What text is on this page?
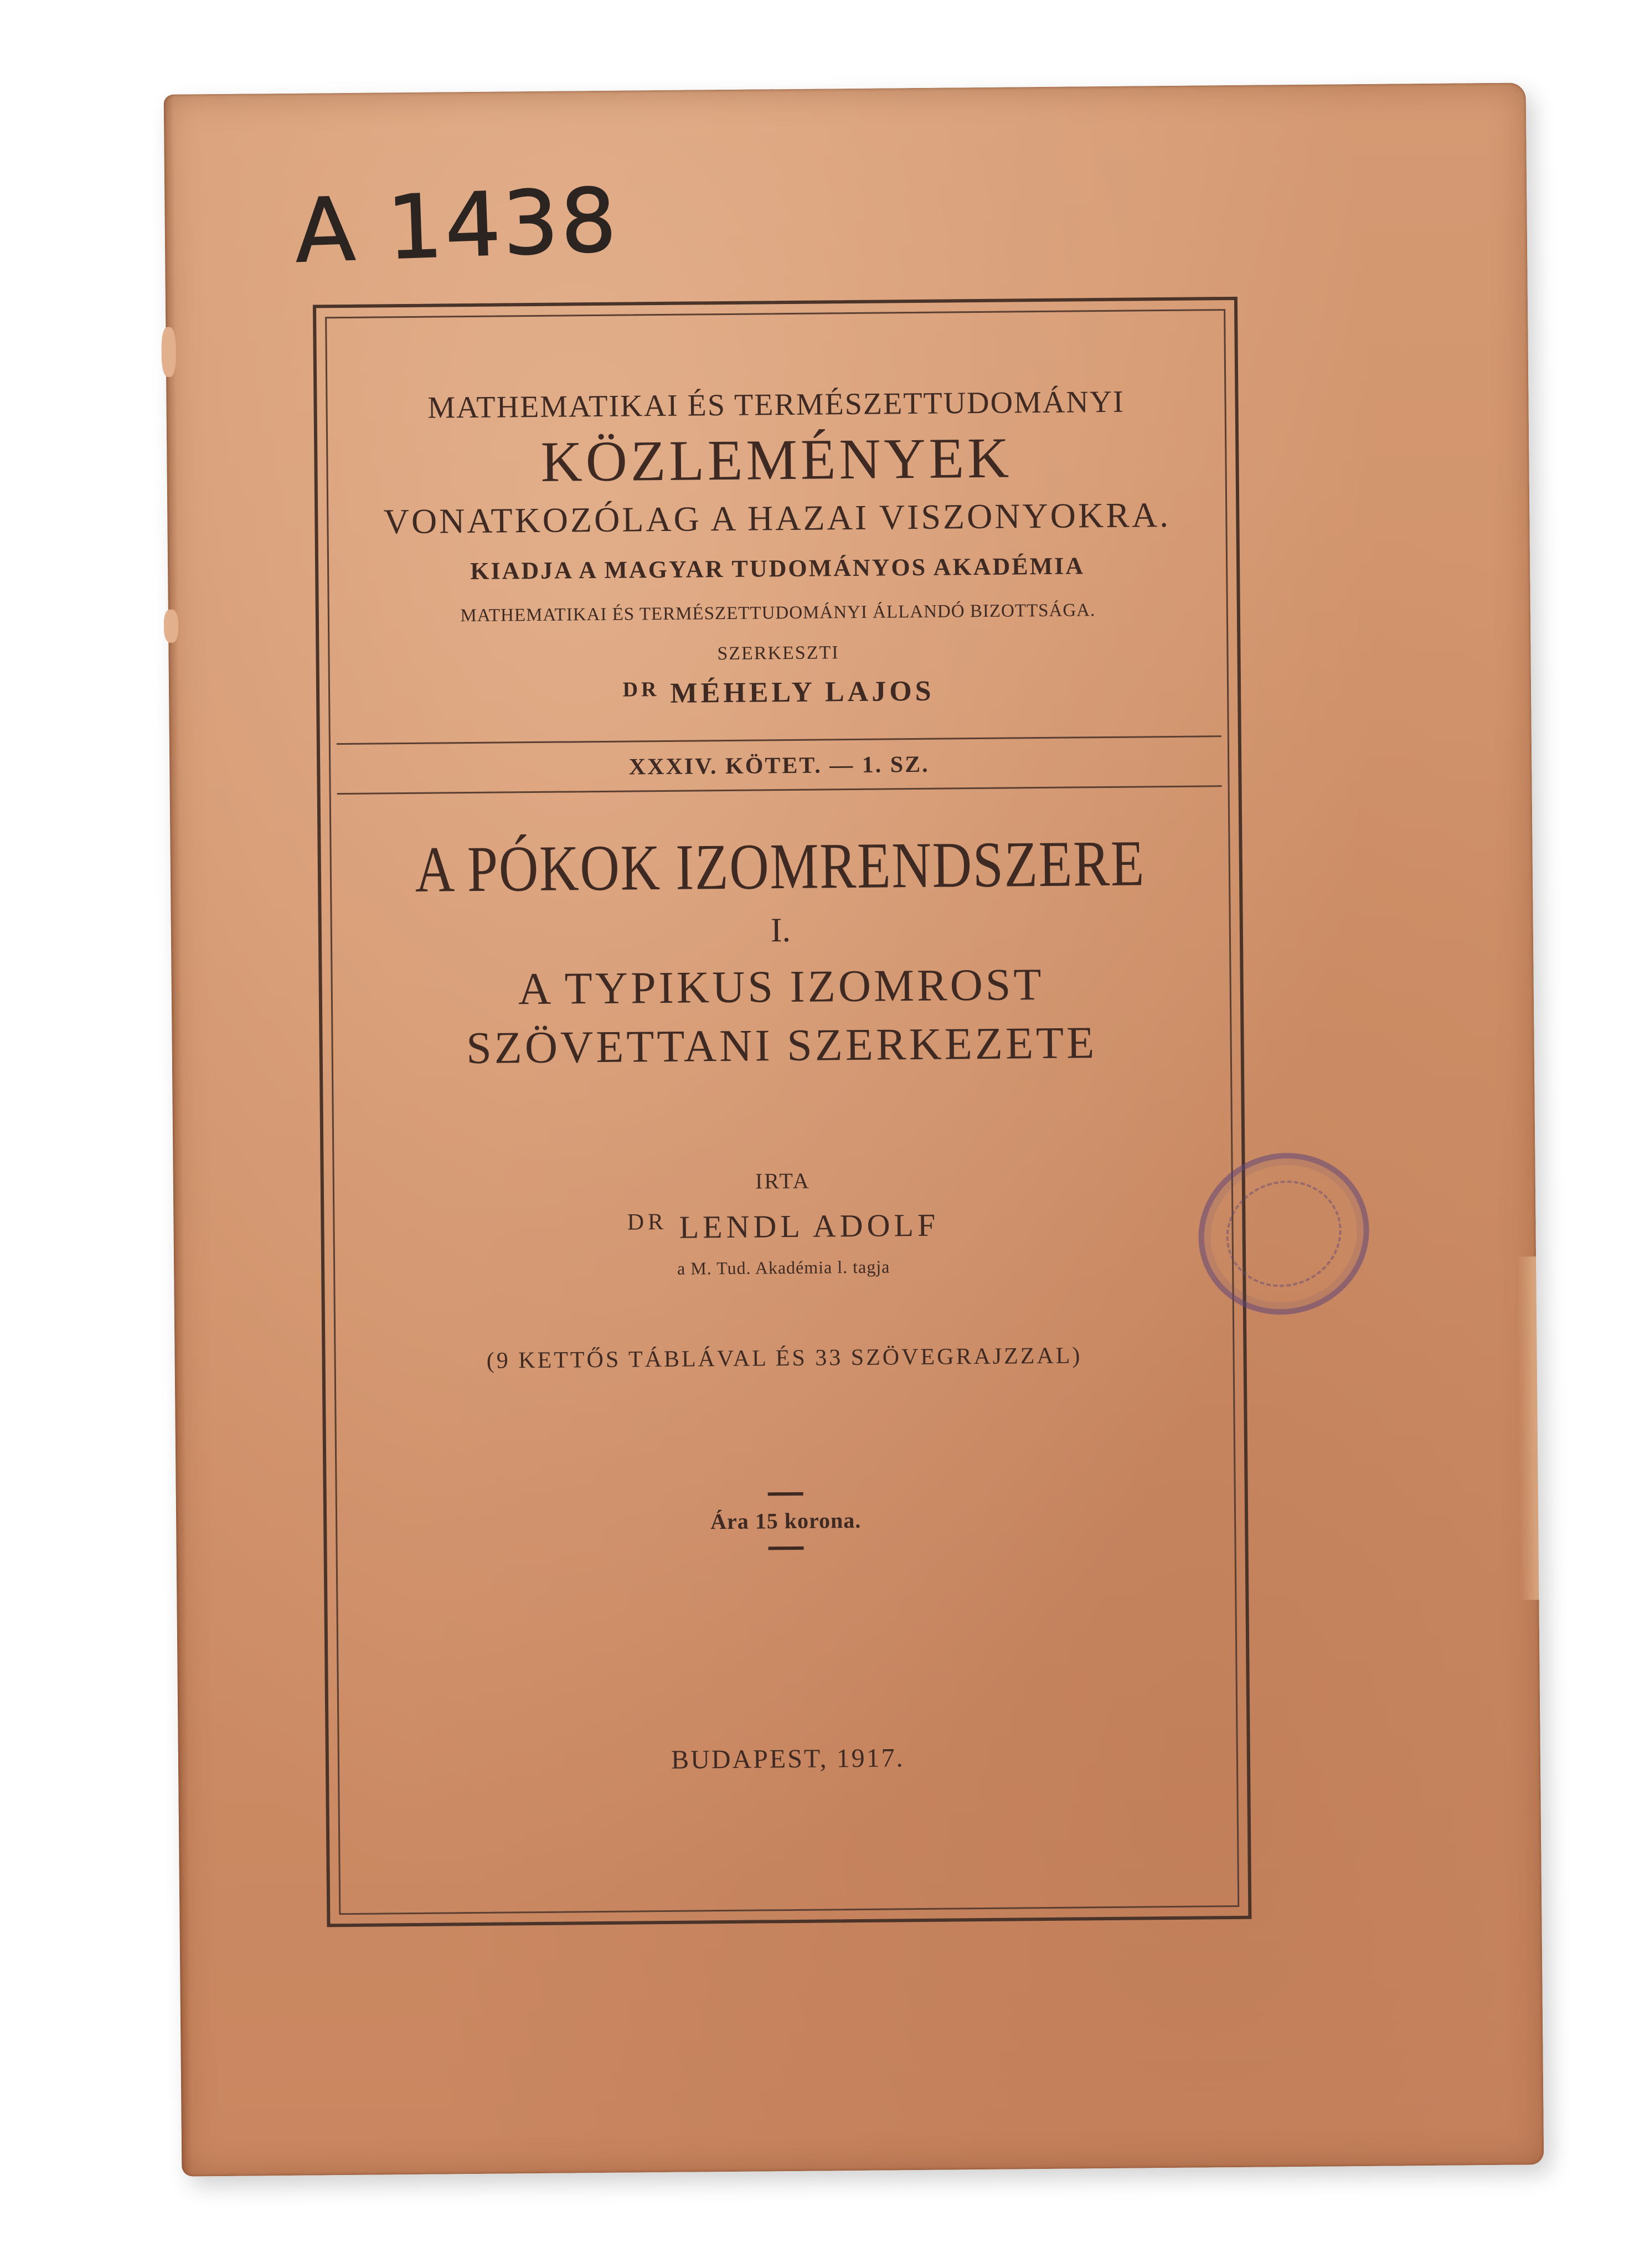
A 1438
MATHEMATIKAI ÉS TERMÉSZETTUDOMÁNYI
KÖZLEMÉNYEK
VONATKOZÓLAG A HAZAI VISZONYOKRA.
KIADJA A MAGYAR TUDOMÁNYOS AKADÉMIA
MATHEMATIKAI ÉS TERMÉSZETTUDOMÁNYI ÁLLANDÓ BIZOTTSÁGA.
SZERKESZTI
$^{DR}$ MÉHELY LAJOS
XXXIV. KÖTET. — 1. SZ.
A PÓKOK IZOMRENDSZERE
I.
A TYPIKUS IZOMROST
SZÖVETTANI SZERKEZETE
IRTA
$^{DR}$ LENDL ADOLF
a M. Tud. Akadémia l. tagja
(9 KETTŐS TÁBLÁVAL ÉS 33 SZÖVEGRAJZZAL)
Ára 15 korona.
BUDAPEST, 1917.
